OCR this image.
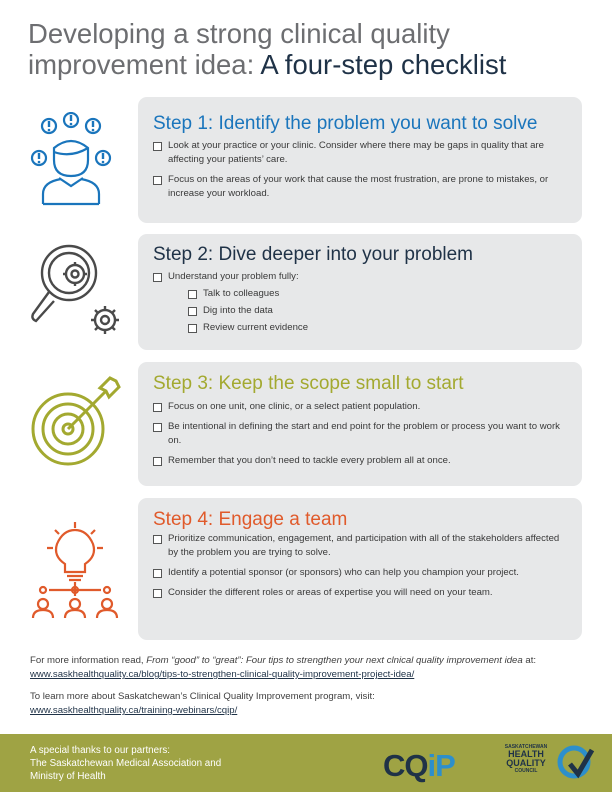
Developing a strong clinical quality
improvement idea: A four-step checklist
Step 1: Identify the problem you want to solve
Look at your practice or your clinic. Consider where there may be gaps in quality that are affecting your patients’ care.
Focus on the areas of your work that cause the most frustration, are prone to mistakes, or increase your workload.
Step 2: Dive deeper into your problem
Understand your problem fully:
Talk to colleagues
Dig into the data
Review current evidence
Step 3: Keep the scope small to start
Focus on one unit, one clinic, or a select patient population.
Be intentional in defining the start and end point for the problem or process you want to work on.
Remember that you don’t need to tackle every problem all at once.
Step 4: Engage a team
Prioritize communication, engagement, and participation with all of the stakeholders affected by the problem you are trying to solve.
Identify a potential sponsor (or sponsors) who can help you champion your project.
Consider the different roles or areas of expertise you will need on your team.
For more information read, From “good” to “great”: Four tips to strengthen your next clnical quality improvement idea at: www.saskhealthquality.ca/blog/tips-to-strengthen-clinical-quality-improvement-project-idea/
To learn more about Saskatchewan’s Clinical Quality Improvement program, visit:
www.saskhealthquality.ca/training-webinars/cqip/
A special thanks to our partners:
The Saskatchewan Medical Association and
Ministry of Health	CQiP
SASKATCHEWAN
HEALTH
QUALITY
COUNCIL
